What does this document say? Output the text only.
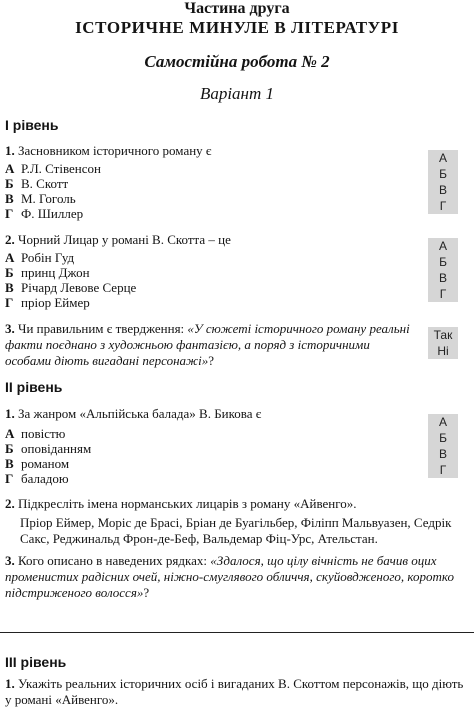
Частина друга
ІСТОРИЧНЕ МИНУЛЕ В ЛІТЕРАТУРІ
Самостійна робота № 2
Варіант 1
І рівень
1. Засновником історичного роману є
А Р.Л. Стівенсон
Б В. Скотт
В М. Гоголь
Г Ф. Шиллер
А
Б
В
Г
2. Чорний Лицар у романі В. Скотта – це
А Робін Гуд
Б принц Джон
В Річард Левове Серце
Г пріор Еймер
А
Б
В
Г
3. Чи правильним є твердження: «У сюжеті історичного роману реальні факти поєднано з художньою фантазією, а поряд з історичними особами діють вигадані персонажі»?
Так
Ні
ІІ рівень
1. За жанром «Альпійська балада» В. Бикова є
А повістю
Б оповіданням
В романом
Г баладою
А
Б
В
Г
2. Підкресліть імена норманських лицарів з роману «Айвенго».
Пріор Еймер, Моріс де Брасі, Бріан де Буагільбер, Філіпп Мальвуазен, Седрік Сакс, Реджинальд Фрон-де-Беф, Вальдемар Фіц-Урс, Ательстан.
3. Кого описано в наведених рядках: «Здалося, що цілу вічність не бачив оцих променистих радісних очей, ніжно-смуглявого обличчя, скуйовдженого, коротко підстриженого волосся»?
ІІІ рівень
1. Укажіть реальних історичних осіб і вигаданих В. Скоттом персонажів, що діють у романі «Айвенго».
